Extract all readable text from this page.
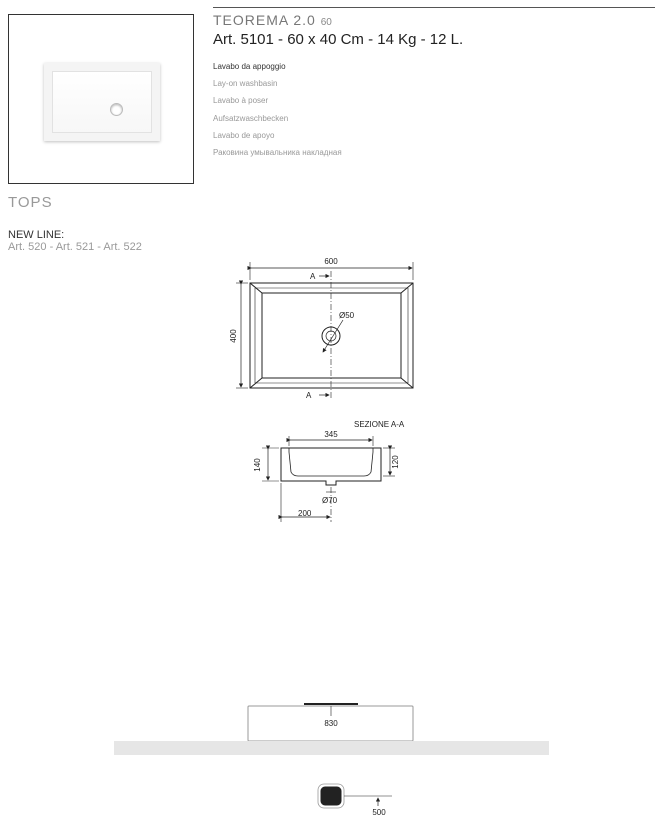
TEOREMA 2.0 60
Art. 5101 - 60 x 40 Cm - 14 Kg - 12 L.
Lavabo da appoggio
Lay-on washbasin
Lavabo à poser
Aufsatzwaschbecken
Lavabo de apoyo
Раковина умывальника накладная
TOPS
NEW LINE:
Art. 520 - Art. 521 - Art. 522
600
400
A
A
Ø50
SEZIONE A-A
345
140	120
Ø70
200
830
500
